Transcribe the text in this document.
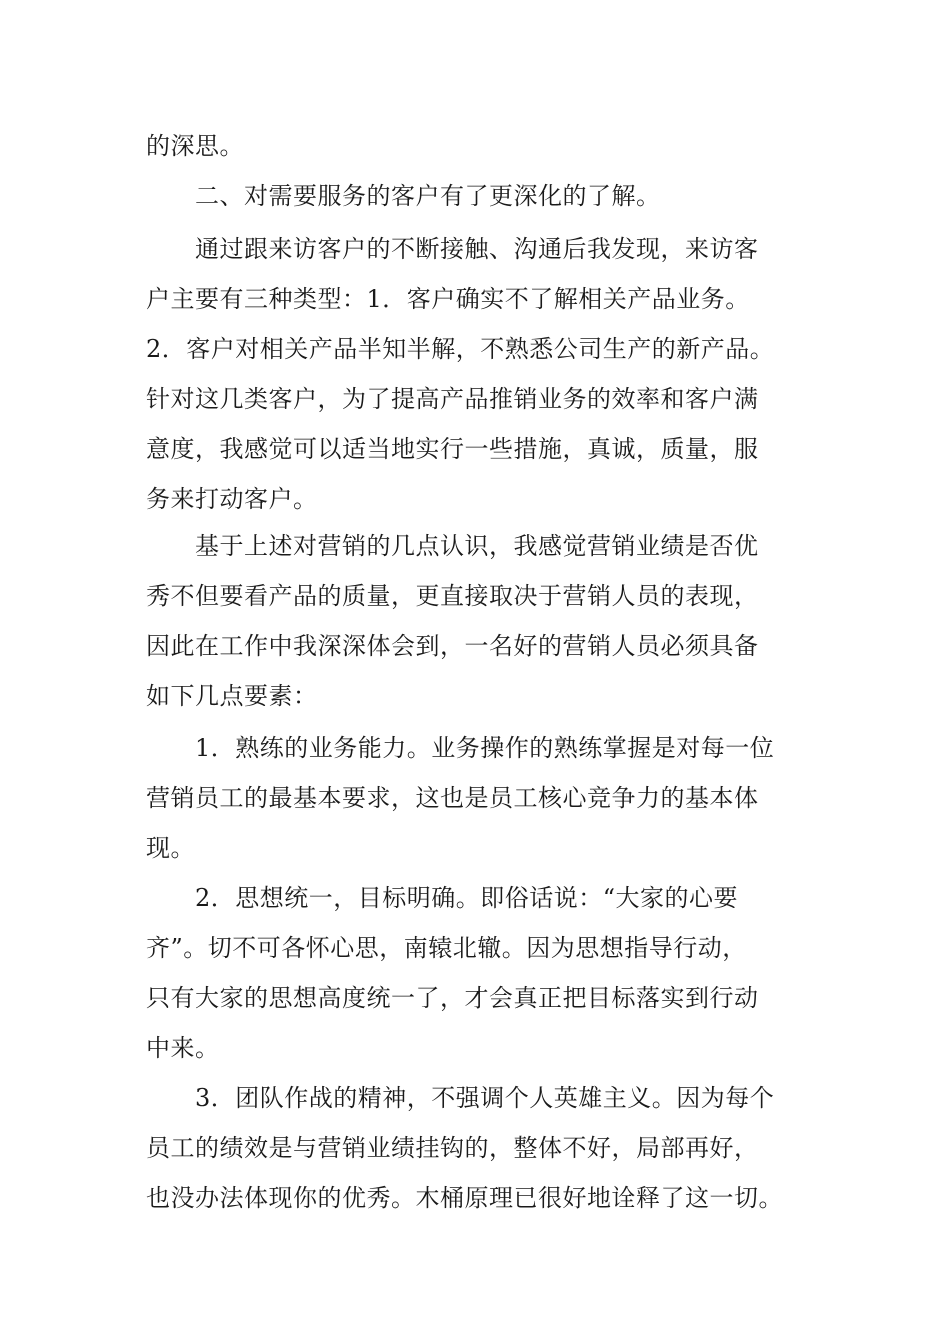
的深思。

　　二、对需要服务的客户有了更深化的了解。

　　通过跟来访客户的不断接触、沟通后我发现，来访客

户主要有三种类型：1．客户确实不了解相关产品业务。

2．客户对相关产品半知半解，不熟悉公司生产的新产品。

针对这几类客户，为了提高产品推销业务的效率和客户满

意度，我感觉可以适当地实行一些措施，真诚，质量，服

务来打动客户。

　　基于上述对营销的几点认识，我感觉营销业绩是否优

秀不但要看产品的质量，更直接取决于营销人员的表现，

因此在工作中我深深体会到，一名好的营销人员必须具备

如下几点要素：

　　1．熟练的业务能力。业务操作的熟练掌握是对每一位

营销员工的最基本要求，这也是员工核心竞争力的基本体

现。

　　2．思想统一，目标明确。即俗话说：“大家的心要

齐”。切不可各怀心思，南辕北辙。因为思想指导行动，

只有大家的思想高度统一了，才会真正把目标落实到行动

中来。

　　3．团队作战的精神，不强调个人英雄主义。因为每个

员工的绩效是与营销业绩挂钩的，整体不好，局部再好，

也没办法体现你的优秀。木桶原理已很好地诠释了这一切。
